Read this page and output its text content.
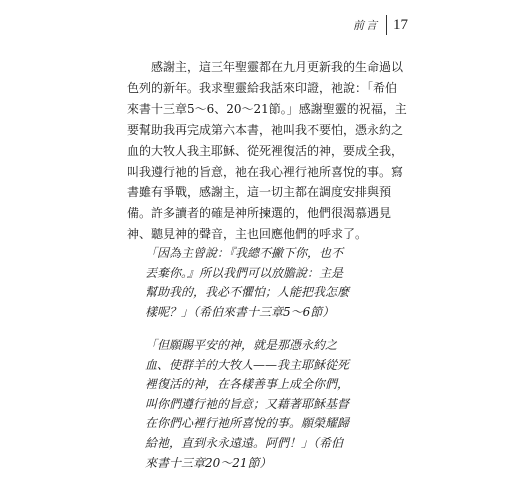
前言 17

　　感謝主，這三年聖靈都在九月更新我的生命過以
色列的新年。我求聖靈給我話來印證，祂說：「希伯
來書十三章5～6、20～21節。」感謝聖靈的祝福，主
要幫助我再完成第六本書，祂叫我不要怕，憑永約之
血的大牧人我主耶穌、從死裡復活的神，要成全我，
叫我遵行祂的旨意，祂在我心裡行祂所喜悅的事。寫
書雖有爭戰，感謝主，這一切主都在調度安排與預
備。許多讀者的確是神所揀選的，他們很渴慕遇見
神、聽見神的聲音，主也回應他們的呼求了。

「因為主曾說：『我總不撇下你，也不
丟棄你。』所以我們可以放膽說：主是
幫助我的，我必不懼怕；人能把我怎麼
樣呢？」（希伯來書十三章5～6節）

「但願賜平安的神，就是那憑永約之
血、使群羊的大牧人——我主耶穌從死
裡復活的神，在各樣善事上成全你們，
叫你們遵行祂的旨意；又藉著耶穌基督
在你們心裡行祂所喜悅的事。願榮耀歸
給祂，直到永永遠遠。阿們！」（希伯
來書十三章20～21節）
